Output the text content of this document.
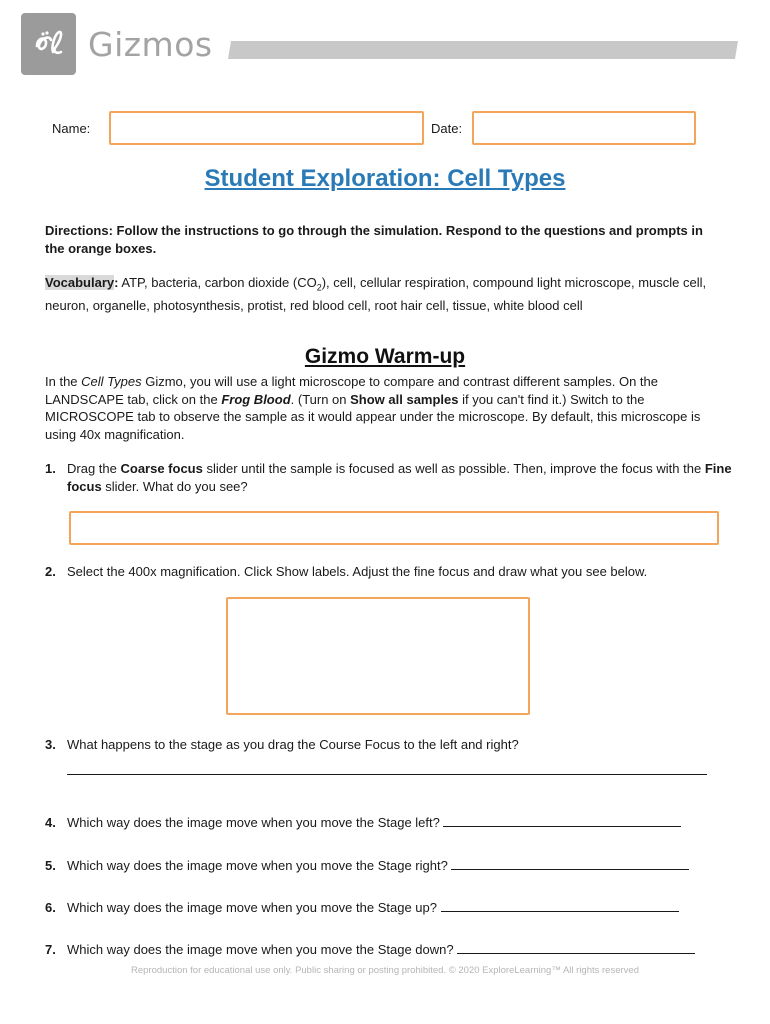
Gizmos
Name:	Date:
Student Exploration: Cell Types
Directions: Follow the instructions to go through the simulation. Respond to the questions and prompts in the orange boxes.
Vocabulary: ATP, bacteria, carbon dioxide $(CO_2)$, cell, cellular respiration, compound light microscope, muscle cell, neuron, organelle, photosynthesis, protist, red blood cell, root hair cell, tissue, white blood cell
Gizmo Warm-up
In the Cell Types Gizmo, you will use a light microscope to compare and contrast different samples. On the LANDSCAPE tab, click on the Frog Blood. (Turn on Show all samples if you can't find it.) Switch to the MICROSCOPE tab to observe the sample as it would appear under the microscope. By default, this microscope is using 40x magnification.
1. Drag the Coarse focus slider until the sample is focused as well as possible. Then, improve the focus with the Fine focus slider. What do you see?
2. Select the 400x magnification. Click Show labels. Adjust the fine focus and draw what you see below.
3. What happens to the stage as you drag the Course Focus to the left and right?
4. Which way does the image move when you move the Stage left?
5. Which way does the image move when you move the Stage right?
6. Which way does the image move when you move the Stage up?
7. Which way does the image move when you move the Stage down?
Reproduction for educational use only. Public sharing or posting prohibited. © 2020 ExploreLearning™ All rights reserved
